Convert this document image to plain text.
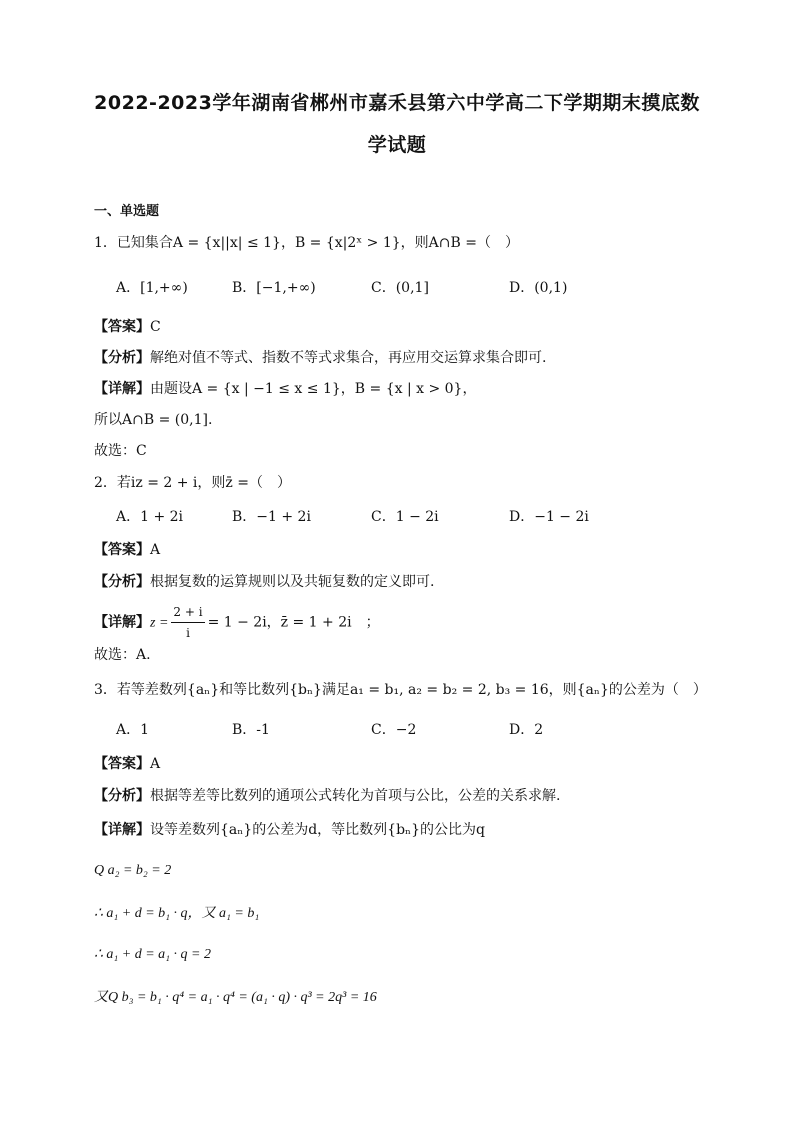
2022-2023学年湖南省郴州市嘉禾县第六中学高二下学期期末摸底数
学试题
一、单选题
1．已知集合A = {x||x| ≤ 1}，B = {x|2ˣ > 1}，则A∩B =（　）
A．[1,+∞)	B．[−1,+∞)	C．(0,1]	D．(0,1)
【答案】C
【分析】解绝对值不等式、指数不等式求集合，再应用交运算求集合即可.
【详解】由题设A = {x | −1 ≤ x ≤ 1}，B = {x | x > 0}，
所以A∩B = (0,1].
故选：C
2．若iz = 2 + i，则z̄ =（　）
A．1 + 2i	B．−1 + 2i	C．1 − 2i	D．−1 − 2i
【答案】A
【分析】根据复数的运算规则以及共轭复数的定义即可.
【详解】$z = \frac{2 + i}{i} = 1 - 2i$，z̄ = 1 + 2i　；
故选：A.
3．若等差数列{aₙ}和等比数列{bₙ}满足a₁ = b₁, a₂ = b₂ = 2, b₃ = 16，则{aₙ}的公差为（　）
A．1	B．-1	C．−2	D．2
【答案】A
【分析】根据等差等比数列的通项公式转化为首项与公比，公差的关系求解.
【详解】设等差数列{aₙ}的公差为d，等比数列{bₙ}的公比为q
Q a₂ = b₂ = 2
∴ a₁ + d = b₁ · q，又 a₁ = b₁
∴ a₁ + d = a₁ · q = 2
又Q b₃ = b₁ · q⁴ = a₁ · q⁴ = (a₁ · q) · q³ = 2q³ = 16
